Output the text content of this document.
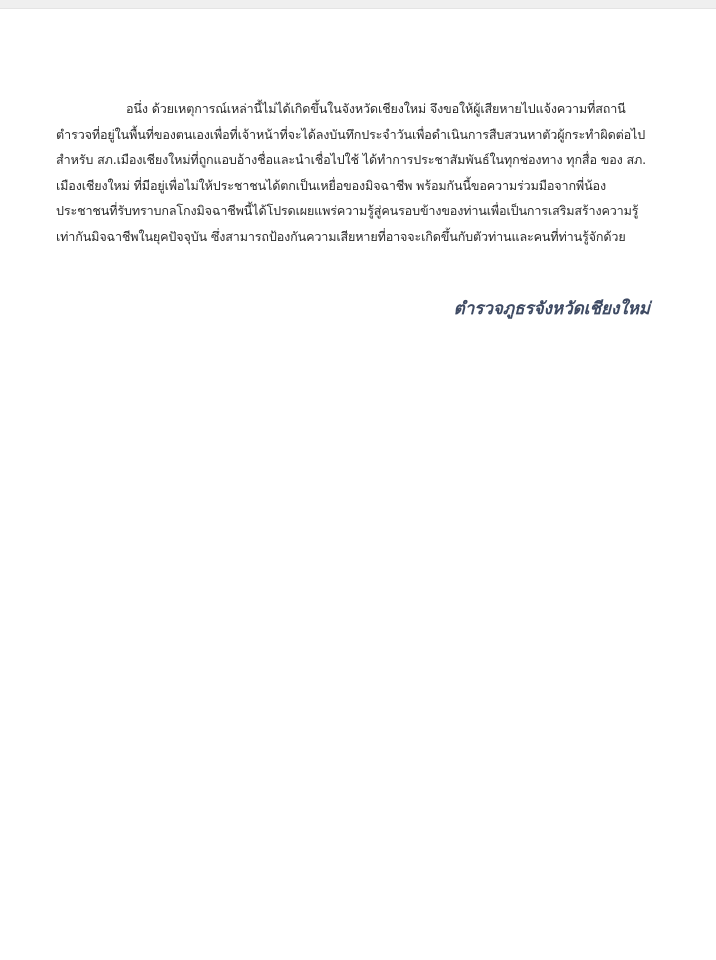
อนึ่ง ด้วยเหตุการณ์เหล่านี้ไม่ได้เกิดขึ้นในจังหวัดเชียงใหม่ จึงขอให้ผู้เสียหายไปแจ้งความที่สถานี
ตำรวจที่อยู่ในพื้นที่ของตนเองเพื่อที่เจ้าหน้าที่จะได้ลงบันทึกประจำวันเพื่อดำเนินการสืบสวนหาตัวผู้กระทำผิดต่อไป
สำหรับ สภ.เมืองเชียงใหม่ที่ถูกแอบอ้างชื่อและนำเชื่อไปใช้ ได้ทำการประชาสัมพันธ์ในทุกช่องทาง ทุกสื่อ ของ สภ.
เมืองเชียงใหม่ ที่มีอยู่เพื่อไม่ให้ประชาชนได้ตกเป็นเหยื่อของมิจฉาชีพ พร้อมกันนี้ขอความร่วมมือจากพี่น้อง
ประชาชนที่รับทราบกลโกงมิจฉาชีพนี้ได้โปรดเผยแพร่ความรู้สู่คนรอบข้างของท่านเพื่อเป็นการเสริมสร้างความรู้
เท่ากันมิจฉาชีพในยุคปัจจุบัน ซึ่งสามารถป้องกันความเสียหายที่อาจจะเกิดขึ้นกับตัวท่านและคนที่ท่านรู้จักด้วย
ตำรวจภูธรจังหวัดเชียงใหม่
